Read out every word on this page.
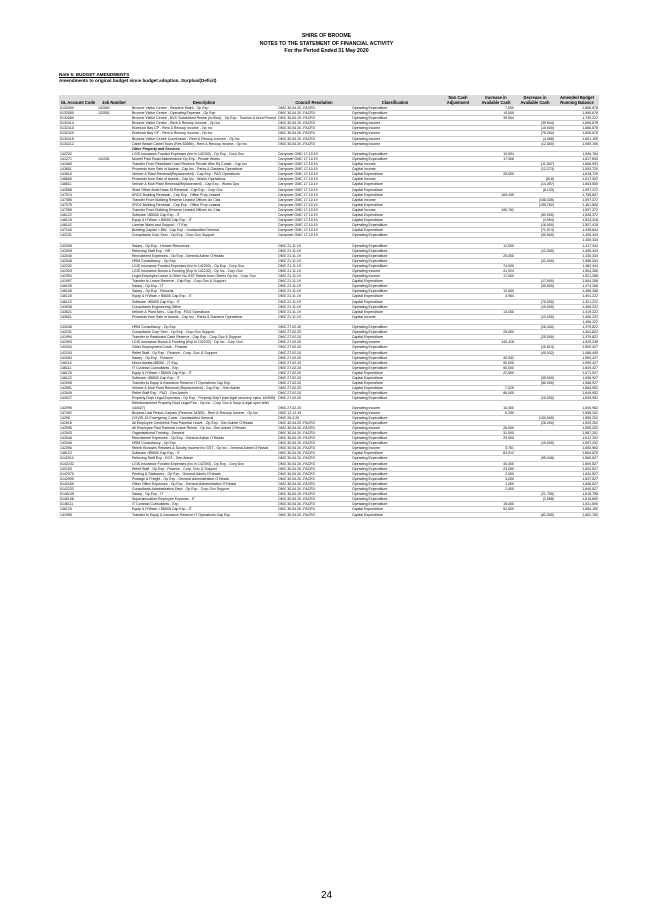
SHIRE OF BROOME
NOTES TO THE STATEMENT OF FINANCIAL ACTIVITY
For the Period Ended 31 May 2020
Note 5: BUDGET AMENDMENTS
Amendments to original budget since budget adoption. Surplus/(Deficit)
GL Account Code	Job Number	Description	Council Resolution	Classification	Non Cash Adjustment	Increase in Available Cash	Decrease in Available Cash	Amended Budget Running Balance
0132050	132052	Broome Visitor Centre - Reactive Maint - Op Exp	OMC 30.04.20 -FACR3	Operating Expenditure		7,000		1,680,678
0132050	132051	Broome Visitor Centre - Operating Expense - Op Exp	OMC 30.04.20 -FACR3	Operating Expenditure		10,000		1,690,678
0132069		Broome Visitor Centre - BVC Subsidised Rental (In-Kind) - Op Exp - Tourism & Area Promot	OMC 30.04.20 -FACR3	Operating Expenditure		39,544		1,730,222
0132414		Broome Visitor Centre - Rent & Recoup Income - Op Inc	OMC 30.04.20 -FACR3	Operating Income			(39,544)	1,690,678
0132410		Roebuck Bay CP - Rent & Recoup Income - Op Inc	OMC 30.04.20 -FACR3	Operating Income			(10,000)	1,680,678
0132420		Roebuck Bay CP - Rent & Recoup Income - Op Inc	OMC 30.04.20 -FACR3	Operating Income			(75,000)	1,605,678
0132415		Broome Visitor Centre Courthouse - Rent & Recoup Income - Op Inc	OMC 30.04.20 -FACR3	Operating Income			(4,488)	1,601,190
0134212		Cable Beach Camel Tours (Res 52985) - Rent & Recoup Income - Op Inc	OMC 30.04.20 -FACR3	Operating Income			(12,000)	1,589,190
		Other Property and Services						
142232		LGIS Insurance Funded Expenses (Inc in 142393) - Op Exp - Corp Gov	Carryover OMC 17.10.19	Operating Expenditure		10,594		1,599,784
141271	141331	Morrell Park Road Maintenance Op Exp - Private Works	Carryover OMC 17.10.19	Operating Expenditure		17,906		1,617,690
141960		Transfer From Restricted Cash Reserve Private Wks Rd Constr - Cap Inc	Carryover OMC 17.10.19	Capital Income			(11,697)	1,605,993
143601		Proceeds from Sale of Assets - Cap Inc - Parks & Gardens Operations	Carryover OMC 17.10.19	Capital Income			(12,273)	1,593,720
143610		Vehicle & Plant Renewal(Replacement) - Cap Exp - P&G Operations	Carryover OMC 17.10.19	Capital Expenditure		25,000		1,618,720
148600		Proceeds from Sale of Assets - Cap Inc - Works Operations	Carryover OMC 17.10.19	Capital Income			(818)	1,617,902
148611		Vehicle & Mob Plant Renewal(Replacement) - Cap Exp - Works Ops	Carryover OMC 17.10.19	Capital Expenditure			(14,397)	1,603,505
142558		Shire Office Build Haas St Renewal - Cap Exp - Corp Gov	Carryover OMC 17.10.19	Capital Expenditure			(6,133)	1,597,372
147374		KRO2 Building Renewal - Cap Exp - Office Prop Leased	Carryover OMC 17.10.19	Capital Expenditure		108,435		1,705,807
147355		Transfer From Building Reserve Leased Offices Un Clas	Carryover OMC 17.10.19	Capital Income			(108,435)	1,597,372
147375		KRO2 Building Renewal - Cap Exp - Office Prop Leased	Carryover OMC 17.10.19	Capital Expenditure			(195,782)	1,401,590
147355		Transfer From Building Reserve Leased Offices Un Clas	Carryover OMC 17.10.19	Capital Income		195,782		1,597,372
146122		Software >$5000 Cap Exp - IT	Carryover OMC 17.10.19	Capital Expenditure			(69,000)	1,528,372
146120		Equip & H'Ware > $5000 Cap Exp - IT	Carryover OMC 17.10.19	Capital Expenditure			(4,954)	1,523,418
146102		License Maint and Support - IT Exp	Carryover OMC 17.10.19	Operating Expenditure			(16,000)	1,507,418
147100		Building Capital > $5k - Cap Exp - Unclassified General	Carryover OMC 17.10.19	Capital Expenditure			(71,574)	1,435,844
142231		Consultants Corp Serv - Op Exp - Corp Gov Support	Carryover OMC 17.10.19	Operating Expenditure			(30,500)	1,405,344
								1,405,344
142006		Salary - Op Exp - Human Resources	OMC 21.11.19	Operating Expenditure		12,000		1,417,344
142008		Relieving Staff Exp - HR	OMC 21.11.19	Operating Expenditure			(12,000)	1,405,344
142046		Recruitment Expenses - Op Exp - General Admin O'Heads	OMC 21.11.19	Operating Expenditure		25,000		1,430,344
142048		HRM Consultancy - Op Exp	OMC 21.11.19	Operating Expenditure			(42,000)	1,388,344
142232		LGIS Insurance Funded Expenses (Inc in 142393) - Op Exp - Corp Gov	OMC 21.11.19	Operating Expenditure		74,000		1,462,344
142393		LGIS Insurance Bonus & Funding (Exp in 142232) - Op Inc - Corp Gov	OMC 21.11.19	Operating Income		41,924		1,504,268
142394		Legal Employee Leave & Other No GST Reimb from Others Op Inc - Corp Gov	OMC 21.11.19	Operating Income		17,000		1,521,268
141997		Transfer to Leave Reserve - Cap Exp - Corp Gov & Support	OMC 21.11.19	Capital Expenditure			(17,000)	1,504,268
146105		Salary - Op Exp - IT	OMC 21.11.19	Operating Expenditure			(30,000)	1,474,268
146106		Salary - Op Exp - Records	OMC 21.11.19	Operating Expenditure		12,000		1,486,268
146120		Equip & H'Ware > $5000 Cap Exp - IT	OMC 21.11.19	Capital Expenditure		4,954		1,491,222
146122		Software >$5000 Cap Exp - IT	OMC 21.11.19	Capital Expenditure			(70,000)	1,421,222
143038		Consultants Engineering Office	OMC 21.11.19	Operating Expenditure			(15,000)	1,406,222
143621		Vehicle & Plant New - Cap Exp - P&G Operations	OMC 21.11.19	Capital Expenditure		13,000		1,419,222
143601		Proceeds from Sale of Assets - Cap Inc - Parks & Gardens Operations	OMC 21.11.19	Capital Income			(13,000)	1,406,222
								1,406,222
142048		HRM Consultancy - Op Exp	OMC 27.02.20	Operating Expenditure			(26,400)	1,379,822
142231		Consultants Corp Serv - Op Exp - Corp Gov Support	OMC 27.02.20	Operating Expenditure		25,000		1,404,822
141994		Transfer to Restricted Cash Reserve - Cap Exp - Corp Gov & Support	OMC 27.02.20	Capital Expenditure			(25,000)	1,379,822
142393		LGIS Insurance Bonus & Funding (Exp in 142232) - Op Inc - Corp Gov	OMC 27.02.20	Operating Income		140,418		1,520,240
142034		Other Employment Costs - Finance	OMC 27.02.20	Operating Expenditure			(10,813)	1,509,427
142193		Relief Staff - Op Exp - Finance - Corp. Gov. & Support	OMC 27.02.20	Operating Expenditure			(40,932)	1,468,495
142004		Salary - Op Exp - Finance	OMC 27.02.20	Operating Expenditure		40,932		1,509,427
146110		Minor Assets<$5000 - IT Exp	OMC 27.02.20	Operating Expenditure		90,000		1,599,427
146111		IT Contract Consultants - Exp	OMC 27.02.20	Operating Expenditure		50,000		1,649,427
146120		Equip & H'Ware > $5000 Cap Exp - IT	OMC 27.02.20	Capital Expenditure		22,500		1,671,927
146122		Software >$5000 Cap Exp - IT	OMC 27.02.20	Capital Expenditure			(35,000)	1,636,927
141995		Transfer to Equip & Insurance Reserve IT Operations Cap Exp	OMC 27.02.20	Capital Expenditure			(80,000)	1,556,927
142551		Vehicle & Mob Plant Renewal (Replacement) - Cap Exp - Gen Admin	OMC 27.02.20	Capital Expenditure		7,025		1,563,952
143049		Relief Staff Exp - P&G - Gen Admin	OMC 27.02.20	Operating Expenditure		86,000		1,649,952
144027		Property Dept Legal Expenses - Op Exp - Property Dep't (see legal recovery opinc 142995)	OMC 27.02.20	Operating Expenditure			(10,000)	1,639,952
142995		Reimbursement Property Dept Legal Fee - Op Inc - Corp Gov & Supp (Legal opex refer 144027)	OMC 27.02.20	Operating Income		10,000		1,649,952
147492		Broome Last Resort Carpark (Reserve 34305) - Rent & Recoup Income - Op Inc	OMC 12.12.19	Operating Income		5,250		1,655,202
14296		COVID-19 Emergency Costs - Unclassified General	OMC 26.3.20	Operating Expenditure			(100,000)	1,555,202
142015		All Employee Centrelink Paid Parental Leave - Op Exp - Gen Admin O'Heads	OMC 30.04.20 -FACR3	Operating Expenditure			(26,000)	1,529,202
142995		All Employee Paid Parental Leave Reimb - Op Inc - Gen Admin O'Heads	OMC 30.04.20 -FACR3	Operating Income		26,000		1,555,202
142043		Organisational Training - General	OMC 30.04.20 -FACR3	Operating Expenditure		32,000		1,587,202
142046		Recruitment Expenses - Op Exp - General Admin O'Heads	OMC 30.04.20 -FACR3	Operating Expenditure		25,000		1,612,202
142048		HRM Consultancy - Op Exp	OMC 30.04.20 -FACR3	Operating Expenditure			(15,000)	1,597,202
142390		Reimb Bonuses Rebates & Sundry Income Inc GST - Op Inc - General Admin O'Heads	OMC 30.04.20 -FACR3	Operating Income		3,761		1,600,963
146122		Software >$5000 Cap Exp - IT	OMC 30.04.20 -FACR3	Capital Expenditure		63,912		1,664,875
0142012		Relieving Staff Exp - DCS - Gen Admin	OMC 30.04.20 -FACR3	Operating Expenditure			(95,348)	1,569,527
0142232		LGIS Insurance Funded Expenses (Inc in 142393) - Op Exp - Corp Gov	OMC 30.04.20 -FACR3	Operating Expenditure		40,000		1,609,527
142193		Relief Staff - Op Exp - Finance - Corp. Gov. & Support	OMC 30.04.20 -FACR3	Operating Expenditure		23,000		1,632,527
0142070		Printing & Stationery - Op Exp - General Admin O'Heads	OMC 30.04.20 -FACR3	Operating Expenditure		2,000		1,634,527
0142090		Postage & Freight - Op Exp - General Administration O'Heads	OMC 30.04.20 -FACR3	Operating Expenditure		3,000		1,637,527
0142160		Other Office Expenses - Op Exp - General Administration O'Heads	OMC 30.04.20 -FACR3	Operating Expenditure		1,000		1,638,527
0142233		Consultants Administration Dept - Op Exp - Corp Gov Support	OMC 30.04.20 -FACR3	Operating Expenditure		2,000		1,640,527
0146105		Salary - Op Exp - IT	OMC 30.04.20 -FACR3	Operating Expenditure			(21,769)	1,618,758
0146108		Superannuation Employee Expense - IT	OMC 30.04.20 -FACR3	Operating Expenditure			(2,068)	1,616,690
0146111		IT Contract Consultants - Exp	OMC 30.04.20 -FACR3	Operating Expenditure		15,000		1,631,690
146120		Equip & H'Ware > $5000 Cap Exp - IT	OMC 30.04.20 -FACR3	Capital Expenditure		52,500		1,684,190
141995		Transfer to Equip & Insurance Reserve IT Operations Cap Exp	OMC 30.04.20 -FACR3	Capital Expenditure			(82,000)	1,602,190
24
